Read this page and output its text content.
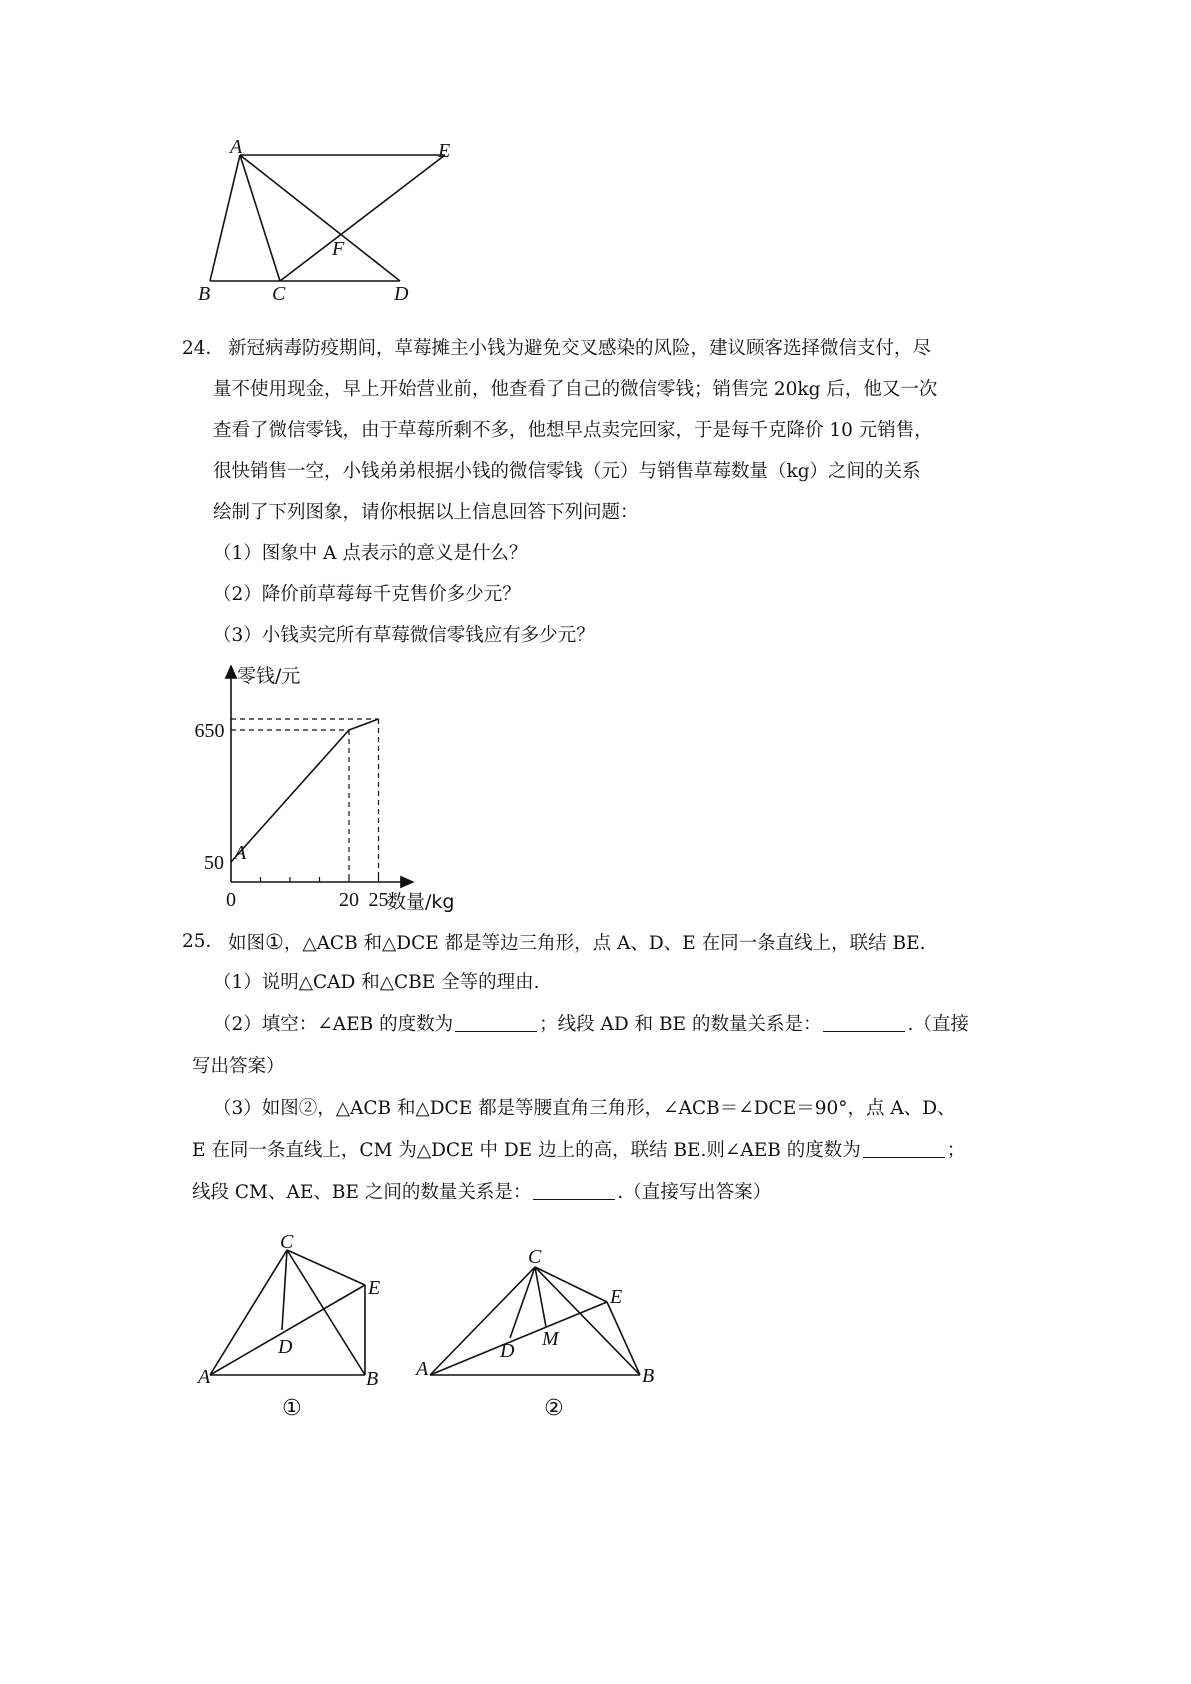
A	E
F
B	C	D
24． 新冠病毒防疫期间，草莓摊主小钱为避免交叉感染的风险，建议顾客选择微信支付，尽
量不使用现金，早上开始营业前，他查看了自己的微信零钱；销售完 20kg 后，他又一次
查看了微信零钱，由于草莓所剩不多，他想早点卖完回家，于是每千克降价 10 元销售，
很快销售一空，小钱弟弟根据小钱的微信零钱（元）与销售草莓数量（kg）之间的关系
绘制了下列图象，请你根据以上信息回答下列问题：
（1）图象中 A 点表示的意义是什么？
（2）降价前草莓每千克售价多少元？
（3）小钱卖完所有草莓微信零钱应有多少元？
0	20 25
50
650
A
零钱/元
数量/kg
25． 如图①，△ACB 和△DCE 都是等边三角形，点 A、D、E 在同一条直线上，联结 BE.
（1）说明△CAD 和△CBE 全等的理由.
（2）填空：∠AEB 的度数为	；线段 AD 和 BE 的数量关系是：	.（直接
写出答案）
（3）如图②，△ACB 和△DCE 都是等腰直角三角形，∠ACB＝∠DCE＝90°，点 A、D、
E 在同一条直线上，CM 为△DCE 中 DE 边上的高，联结 BE.则∠AEB 的度数为	；
线段 CM、AE、BE 之间的数量关系是：	.（直接写出答案）
C
E
D
A	B
①
C
E
M
D
A	B
②
